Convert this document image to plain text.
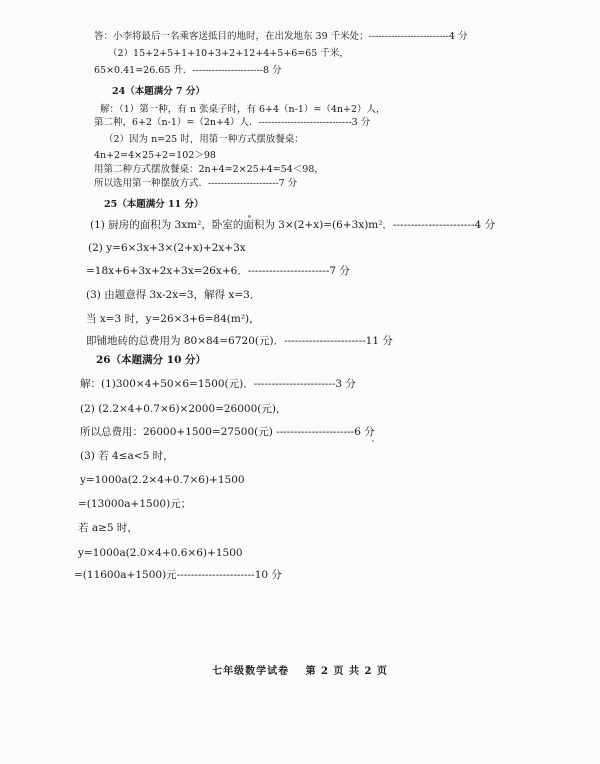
答：小李将最后一名乘客送抵目的地时，在出发地东 39 千米处；-------------------------4 分
（2）15+2+5+1+10+3+2+12+4+5+6=65 千米，
65×0.41=26.65 升．----------------------8 分
24（本题满分 7 分）
解：（1）第一种，有 n 张桌子时，有 6+4（n-1）=（4n+2）人，
第二种，6+2（n-1）=（2n+4）人．-----------------------------3 分
（2）因为 n=25 时，用第一种方式摆放餐桌：
4n+2=4×25+2=102＞98
用第二种方式摆放餐桌：2n+4=2×25+4=54＜98，
所以选用第一种摆放方式．----------------------7 分
25（本题满分 11 分）
(1) 厨房的面积为 3xm²，卧室的面积为 3×(2+x)=(6+3x)m²．-----------------------4 分
(2) y=6×3x+3×(2+x)+2x+3x
=18x+6+3x+2x+3x=26x+6．-----------------------7 分
(3) 由题意得 3x-2x=3，解得 x=3．
当 x=3 时，y=26×3+6=84(m²)，
即铺地砖的总费用为 80×84=6720(元)．-----------------------11 分
26（本题满分 10 分）
解：(1)300×4+50×6=1500(元)．-----------------------3 分
(2) (2.2×4+0.7×6)×2000=26000(元)，
所以总费用：26000+1500=27500(元) ----------------------6 分
(3) 若 4≤a<5 时，
y=1000a(2.2×4+0.7×6)+1500
=(13000a+1500)元；
若 a≥5 时，
y=1000a(2.0×4+0.6×6)+1500
=(11600a+1500)元----------------------10 分
七年级数学试卷 第 2 页 共 2 页
